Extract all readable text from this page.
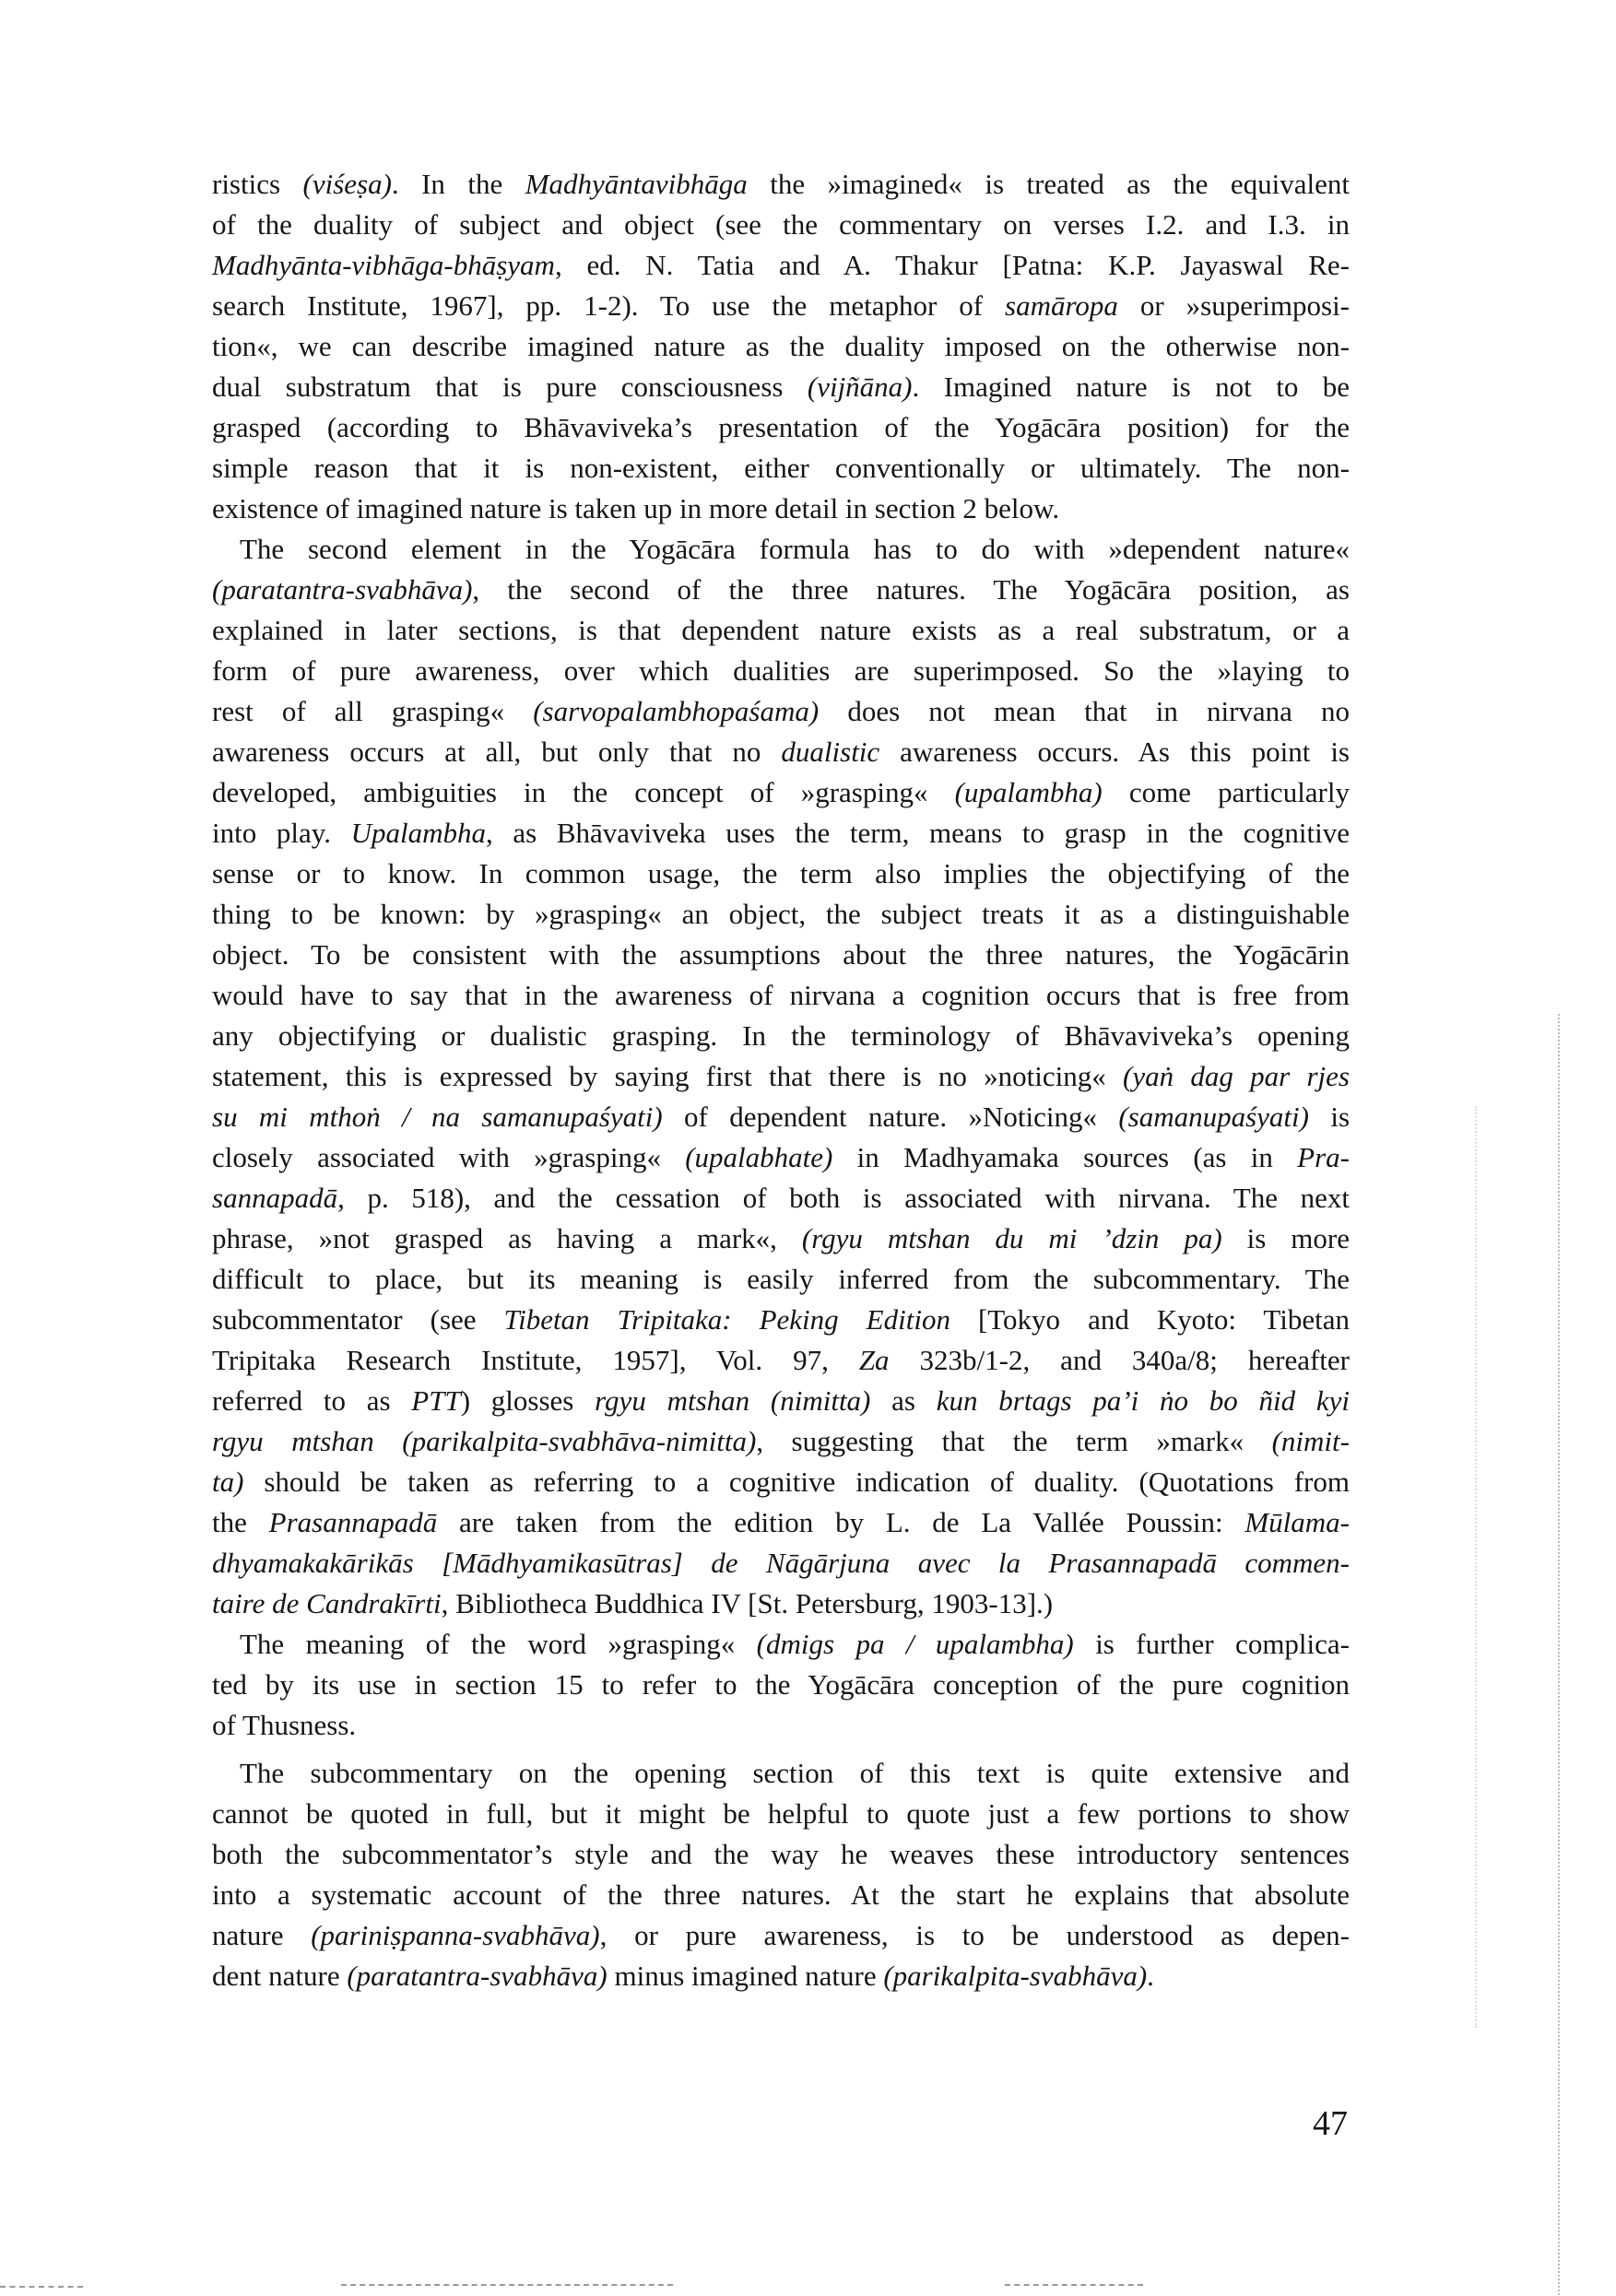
ristics (viśeṣa). In the Madhyāntavibhāga the »imagined« is treated as the equivalent
of the duality of subject and object (see the commentary on verses I.2. and I.3. in
Madhyānta-vibhāga-bhāṣyam, ed. N. Tatia and A. Thakur [Patna: K.P. Jayaswal Re-
search Institute, 1967], pp. 1-2). To use the metaphor of samāropa or »superimposi-
tion«, we can describe imagined nature as the duality imposed on the otherwise non-
dual substratum that is pure consciousness (vijñāna). Imagined nature is not to be
grasped (according to Bhāvaviveka’s presentation of the Yogācāra position) for the
simple reason that it is non-existent, either conventionally or ultimately. The non-
existence of imagined nature is taken up in more detail in section 2 below.
The second element in the Yogācāra formula has to do with »dependent nature«
(paratantra-svabhāva), the second of the three natures. The Yogācāra position, as
explained in later sections, is that dependent nature exists as a real substratum, or a
form of pure awareness, over which dualities are superimposed. So the »laying to
rest of all grasping« (sarvopalambhopaśama) does not mean that in nirvana no
awareness occurs at all, but only that no dualistic awareness occurs. As this point is
developed, ambiguities in the concept of »grasping« (upalambha) come particularly
into play. Upalambha, as Bhāvaviveka uses the term, means to grasp in the cognitive
sense or to know. In common usage, the term also implies the objectifying of the
thing to be known: by »grasping« an object, the subject treats it as a distinguishable
object. To be consistent with the assumptions about the three natures, the Yogācārin
would have to say that in the awareness of nirvana a cognition occurs that is free from
any objectifying or dualistic grasping. In the terminology of Bhāvaviveka’s opening
statement, this is expressed by saying first that there is no »noticing« (yaṅ dag par rjes
su mi mthoṅ / na samanupaśyati) of dependent nature. »Noticing« (samanupaśyati) is
closely associated with »grasping« (upalabhate) in Madhyamaka sources (as in Pra-
sannapadā, p. 518), and the cessation of both is associated with nirvana. The next
phrase, »not grasped as having a mark«, (rgyu mtshan du mi ’dzin pa) is more
difficult to place, but its meaning is easily inferred from the subcommentary. The
subcommentator (see Tibetan Tripitaka: Peking Edition [Tokyo and Kyoto: Tibetan
Tripitaka Research Institute, 1957], Vol. 97, Za 323b/1-2, and 340a/8; hereafter
referred to as PTT) glosses rgyu mtshan (nimitta) as kun brtags pa’i ṅo bo ñid kyi
rgyu mtshan (parikalpita-svabhāva-nimitta), suggesting that the term »mark« (nimit-
ta) should be taken as referring to a cognitive indication of duality. (Quotations from
the Prasannapadā are taken from the edition by L. de La Vallée Poussin: Mūlama-
dhyamakakārikās [Mādhyamikasūtras] de Nāgārjuna avec la Prasannapadā commen-
taire de Candrakīrti, Bibliotheca Buddhica IV [St. Petersburg, 1903-13].)
The meaning of the word »grasping« (dmigs pa / upalambha) is further complica-
ted by its use in section 15 to refer to the Yogācāra conception of the pure cognition
of Thusness.
The subcommentary on the opening section of this text is quite extensive and
cannot be quoted in full, but it might be helpful to quote just a few portions to show
both the subcommentator’s style and the way he weaves these introductory sentences
into a systematic account of the three natures. At the start he explains that absolute
nature (pariniṣpanna-svabhāva), or pure awareness, is to be understood as depen-
dent nature (paratantra-svabhāva) minus imagined nature (parikalpita-svabhāva).
47
